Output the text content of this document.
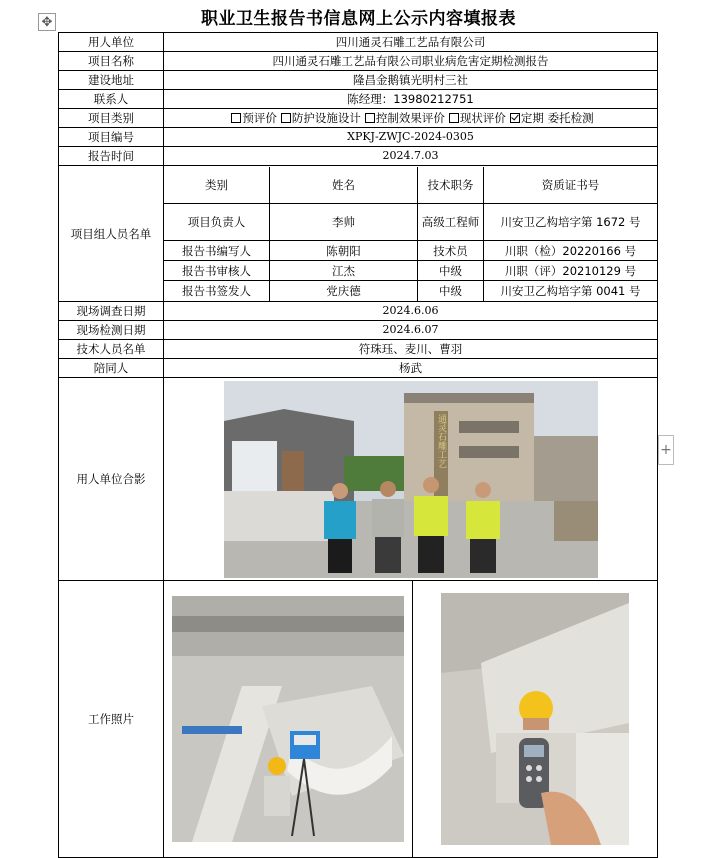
✥	职业卫生报告书信息网上公示内容填报表
用人单位	四川通灵石雕工艺品有限公司
项目名称	四川通灵石雕工艺品有限公司职业病危害定期检测报告
建设地址	隆昌金鹅镇光明村三社
联系人	陈经理：13980212751
项目类别	预评价 防护设施设计 控制效果评价 现状评价 定期 委托检测
项目编号	XPKJ-ZWJC-2024-0305
报告时间	2024.7.03
项目组人员名单	
类别	姓名	技术职务	资质证书号
项目负责人	李帅	高级工程师	川安卫乙构培字第 1672 号
报告书编写人	陈朝阳	技术员	川职（检）20220166 号
报告书审核人	江杰	中级	川职（评）20210129 号
报告书签发人	党庆德	中级	川安卫乙构培字第 0041 号

现场调查日期	2024.6.06
现场检测日期	2024.6.07
技术人员名单	符珠珏、麦川、曹羽
陪同人	杨武
用人单位合影	
通灵石雕工艺

工作照片	

+
